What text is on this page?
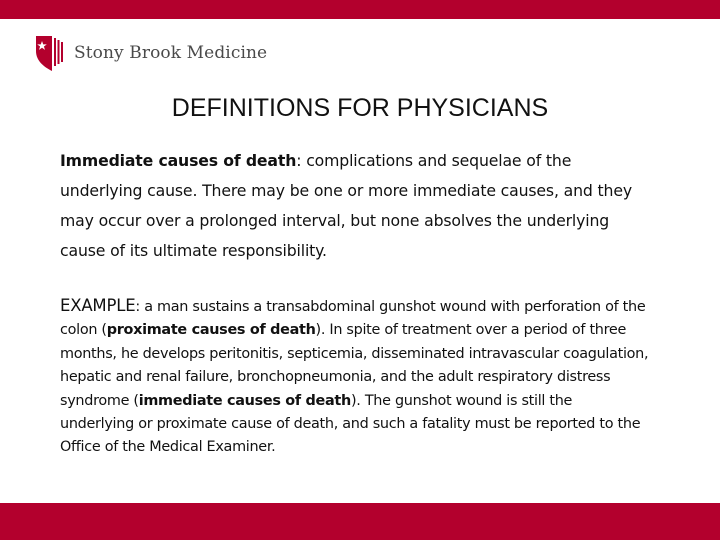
Stony Brook Medicine
DEFINITIONS FOR PHYSICIANS
Immediate causes of death: complications and sequelae of the
underlying cause. There may be one or more immediate causes, and they
may occur over a prolonged interval, but none absolves the underlying
cause of its ultimate responsibility.
EXAMPLE: a man sustains a transabdominal gunshot wound with perforation of the
colon (proximate causes of death). In spite of treatment over a period of three
months, he develops peritonitis, septicemia, disseminated intravascular coagulation,
hepatic and renal failure, bronchopneumonia, and the adult respiratory distress
syndrome (immediate causes of death). The gunshot wound is still the
underlying or proximate cause of death, and such a fatality must be reported to the
Office of the Medical Examiner.
